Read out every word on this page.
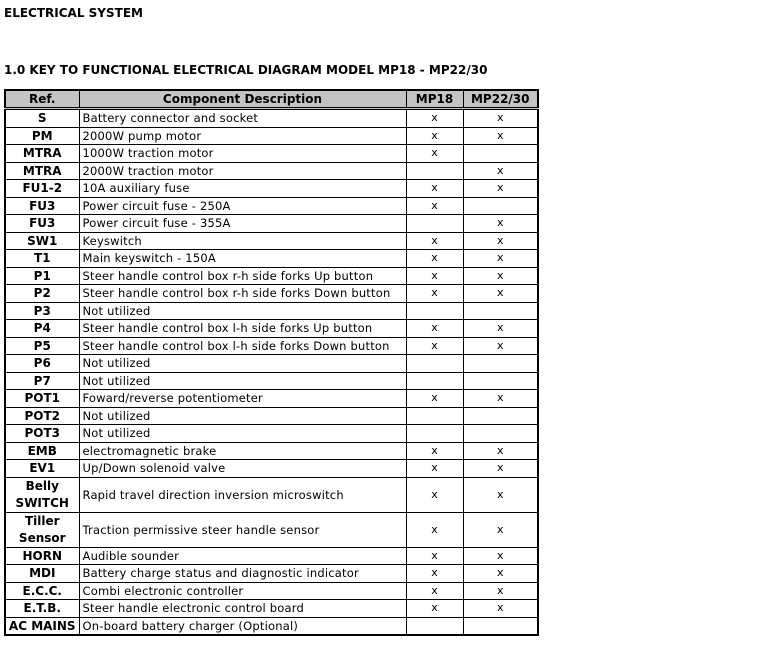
ELECTRICAL SYSTEM
1.0 KEY TO FUNCTIONAL ELECTRICAL DIAGRAM MODEL MP18 - MP22/30
Ref.	Component Description	MP18	MP22/30
S	Battery connector and socket	x	x
PM	2000W pump motor	x	x
MTRA	1000W traction motor	x	
MTRA	2000W traction motor		x
FU1-2	10A auxiliary fuse	x	x
FU3	Power circuit fuse - 250A	x	
FU3	Power circuit fuse - 355A		x
SW1	Keyswitch	x	x
T1	Main keyswitch - 150A	x	x
P1	Steer handle control box r-h side forks Up button	x	x
P2	Steer handle control box r-h side forks Down button	x	x
P3	Not utilized		
P4	Steer handle control box l-h side forks Up button	x	x
P5	Steer handle control box l-h side forks Down button	x	x
P6	Not utilized		
P7	Not utilized		
POT1	Foward/reverse potentiometer	x	x
POT2	Not utilized		
POT3	Not utilized		
EMB	electromagnetic brake	x	x
EV1	Up/Down solenoid valve	x	x
Belly SWITCH	Rapid travel direction inversion microswitch	x	x
Tiller Sensor	Traction permissive steer handle sensor	x	x
HORN	Audible sounder	x	x
MDI	Battery charge status and diagnostic indicator	x	x
E.C.C.	Combi electronic controller	x	x
E.T.B.	Steer handle electronic control board	x	x
AC MAINS	On-board battery charger (Optional)		
